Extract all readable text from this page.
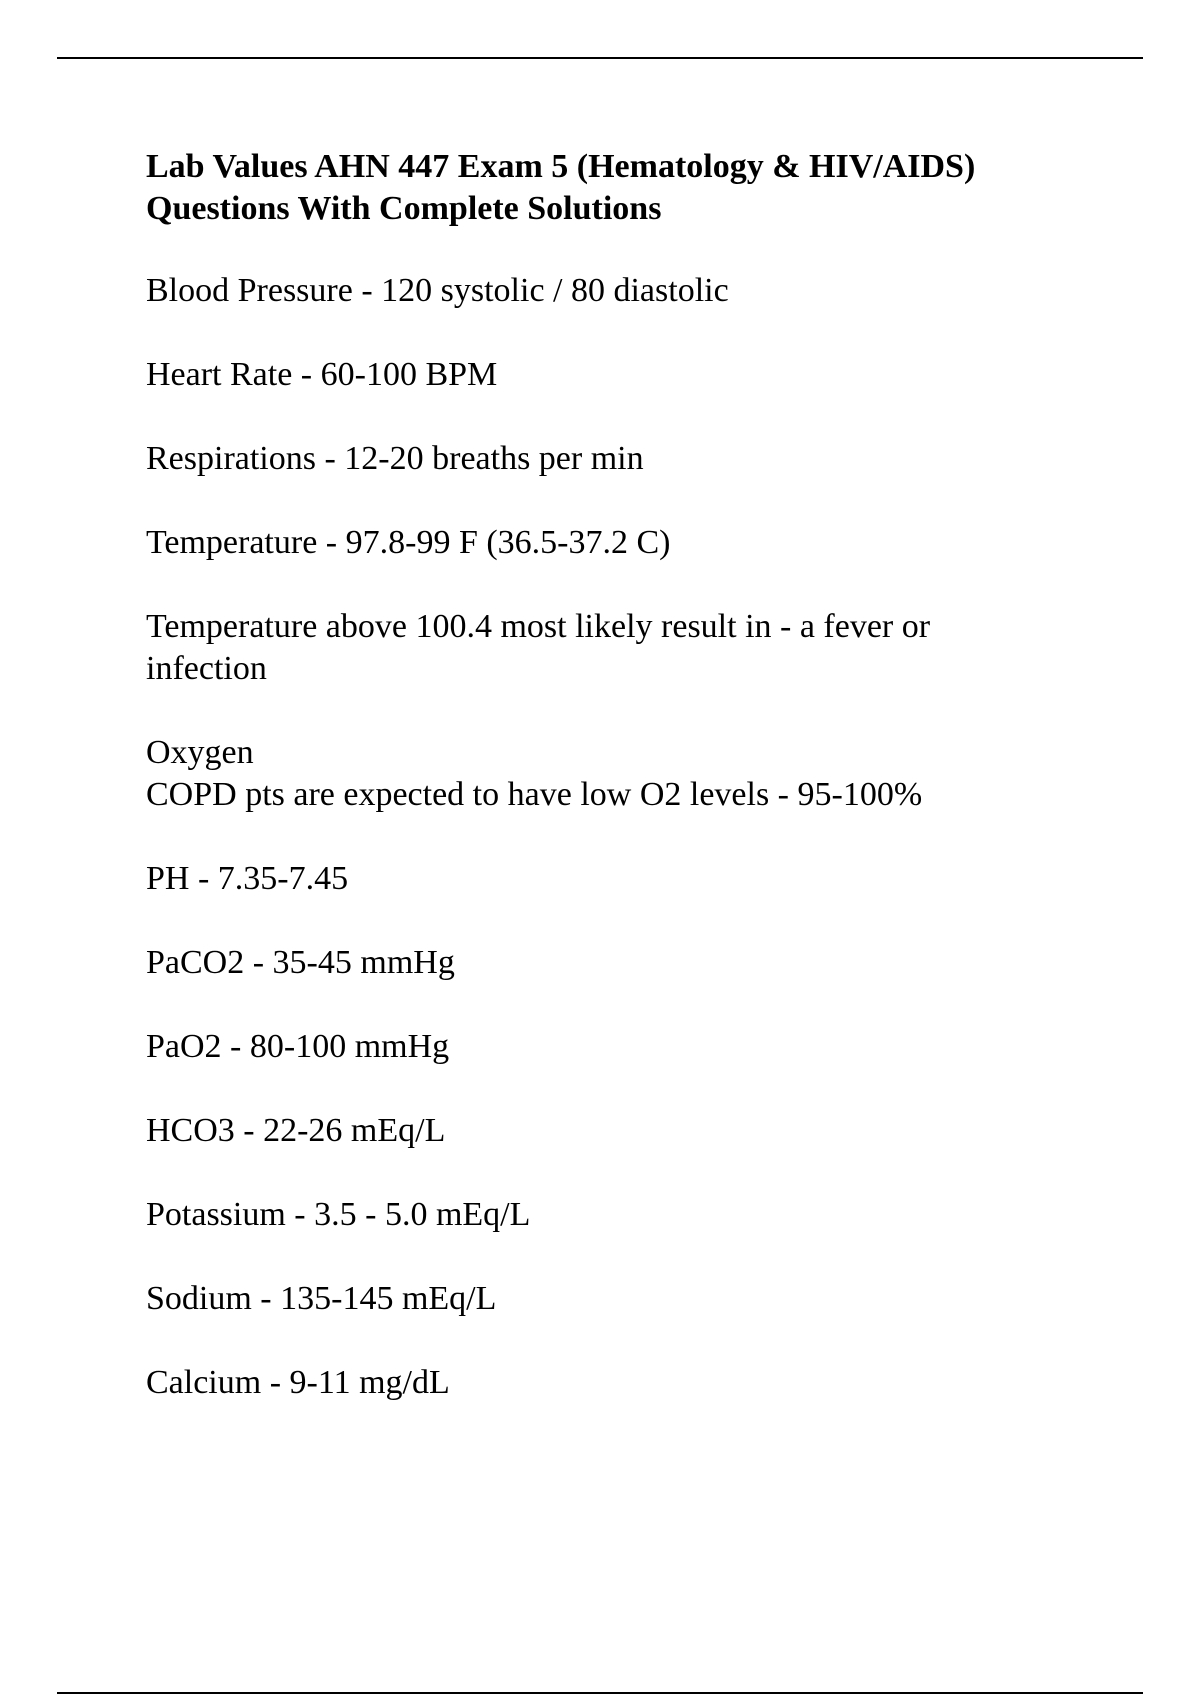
Lab Values AHN 447 Exam 5 (Hematology & HIV/AIDS)
Questions With Complete Solutions

Blood Pressure - 120 systolic / 80 diastolic

Heart Rate - 60-100 BPM

Respirations - 12-20 breaths per min

Temperature - 97.8-99 F (36.5-37.2 C)

Temperature above 100.4 most likely result in - a fever or
infection

Oxygen
COPD pts are expected to have low O2 levels - 95-100%

PH - 7.35-7.45

PaCO2 - 35-45 mmHg

PaO2 - 80-100 mmHg

HCO3 - 22-26 mEq/L

Potassium - 3.5 - 5.0 mEq/L

Sodium - 135-145 mEq/L

Calcium - 9-11 mg/dL
